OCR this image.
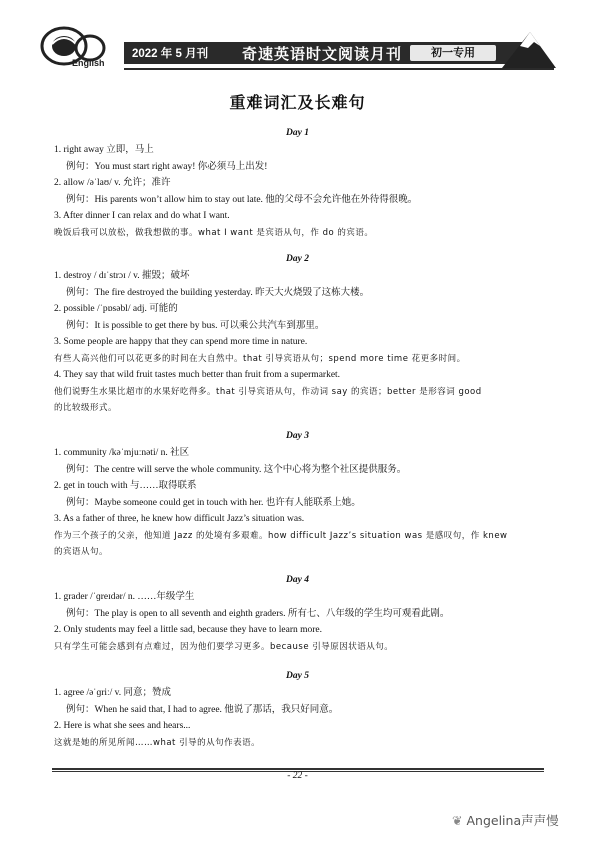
English
2022 年 5 月刊 奇速英语时文阅读月刊	初一专用
重难词汇及长难句
Day 1
1. right away 立即，马上
例句：You must start right away! 你必须马上出发!
2. allow /əˈlaʊ/ v. 允许；准许
例句：His parents won’t allow him to stay out late. 他的父母不会允许他在外待得很晚。
3. After dinner I can relax and do what I want.
晚饭后我可以放松，做我想做的事。what I want 是宾语从句，作 do 的宾语。
Day 2
1. destroy / dɪˈstrɔɪ / v. 摧毁；破坏
例句：The fire destroyed the building yesterday. 昨天大火烧毁了这栋大楼。
2. possible /ˈpɒsəbl/ adj. 可能的
例句：It is possible to get there by bus. 可以乘公共汽车到那里。
3. Some people are happy that they can spend more time in nature.
有些人高兴他们可以花更多的时间在大自然中。that 引导宾语从句；spend more time 花更多时间。
4. They say that wild fruit tastes much better than fruit from a supermarket.
他们说野生水果比超市的水果好吃得多。that 引导宾语从句，作动词 say 的宾语；better 是形容词 good
的比较级形式。
Day 3
1. community /kəˈmjuːnəti/ n. 社区
例句：The centre will serve the whole community. 这个中心将为整个社区提供服务。
2. get in touch with 与……取得联系
例句：Maybe someone could get in touch with her. 也许有人能联系上她。
3. As a father of three, he knew how difficult Jazz’s situation was.
作为三个孩子的父亲，他知道 Jazz 的处境有多艰难。how difficult Jazz’s situation was 是感叹句，作 knew
的宾语从句。
Day 4
1. grader /ˈɡreɪdər/ n. ……年级学生
例句：The play is open to all seventh and eighth graders. 所有七、八年级的学生均可观看此剧。
2. Only students may feel a little sad, because they have to learn more.
只有学生可能会感到有点难过，因为他们要学习更多。because 引导原因状语从句。
Day 5
1. agree /əˈɡriː/ v. 同意；赞成
例句：When he said that, I had to agree. 他说了那话，我只好同意。
2. Here is what she sees and hears...
这就是她的所见所闻……what 引导的从句作表语。
- 22 -
❦ Angelina声声慢
